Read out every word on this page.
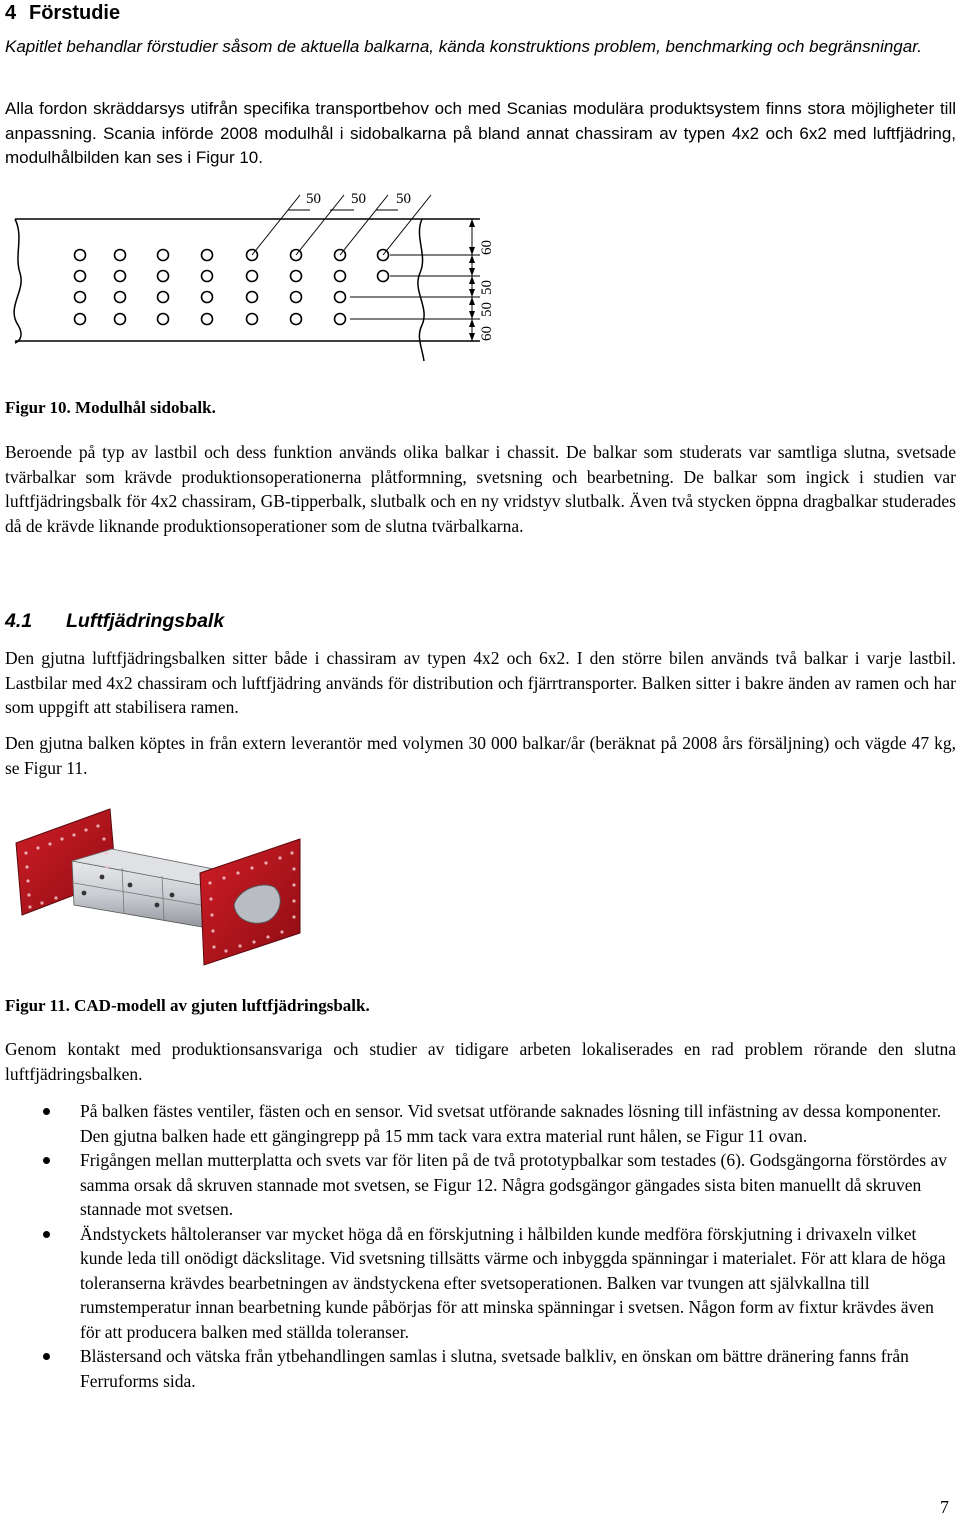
4 Förstudie

Kapitlet behandlar förstudier såsom de aktuella balkarna, kända konstruktions problem, benchmarking och begränsningar.

Alla fordon skräddarsys utifrån specifika transportbehov och med Scanias modulära produktsystem finns stora möjligheter till anpassning. Scania införde 2008 modulhål i sidobalkarna på bland annat chassiram av typen 4x2 och 6x2 med luftfjädring, modulhålbilden kan ses i Figur 10.

50 50 50
60
50
50
60
Figur 10. Modulhål sidobalk.

Beroende på typ av lastbil och dess funktion används olika balkar i chassit. De balkar som studerats var samtliga slutna, svetsade tvärbalkar som krävde produktionsoperationerna plåtformning, svetsning och bearbetning. De balkar som ingick i studien var luftfjädringsbalk för 4x2 chassiram, GB-tipperbalk, slutbalk och en ny vridstyv slutbalk. Även två stycken öppna dragbalkar studerades då de krävde liknande produktionsoperationer som de slutna tvärbalkarna.

4.1 Luftfjädringsbalk

Den gjutna luftfjädringsbalken sitter både i chassiram av typen 4x2 och 6x2. I den större bilen används två balkar i varje lastbil. Lastbilar med 4x2 chassiram och luftfjädring används för distribution och fjärrtransporter. Balken sitter i bakre änden av ramen och har som uppgift att stabilisera ramen.

Den gjutna balken köptes in från extern leverantör med volymen 30 000 balkar/år (beräknat på 2008 års försäljning) och vägde 47 kg, se Figur 11.

Figur 11. CAD-modell av gjuten luftfjädringsbalk.

Genom kontakt med produktionsansvariga och studier av tidigare arbeten lokaliserades en rad problem rörande den slutna luftfjädringsbalken.

På balken fästes ventiler, fästen och en sensor. Vid svetsat utförande saknades lösning till infästning av dessa komponenter. Den gjutna balken hade ett gängingrepp på 15 mm tack vara extra material runt hålen, se Figur 11 ovan.
Frigången mellan mutterplatta och svets var för liten på de två prototypbalkar som testades (6). Godsgängorna förstördes av samma orsak då skruven stannade mot svetsen, se Figur 12. Några godsgängor gängades sista biten manuellt då skruven stannade mot svetsen.
Ändstyckets håltoleranser var mycket höga då en förskjutning i hålbilden kunde medföra förskjutning i drivaxeln vilket kunde leda till onödigt däckslitage. Vid svetsning tillsätts värme och inbyggda spänningar i materialet. För att klara de höga toleranserna krävdes bearbetningen av ändstyckena efter svetsoperationen. Balken var tvungen att självkallna till rumstemperatur innan bearbetning kunde påbörjas för att minska spänningar i svetsen. Någon form av fixtur krävdes även för att producera balken med ställda toleranser.
Blästersand och vätska från ytbehandlingen samlas i slutna, svetsade balkliv, en önskan om bättre dränering fanns från Ferruforms sida.
7
